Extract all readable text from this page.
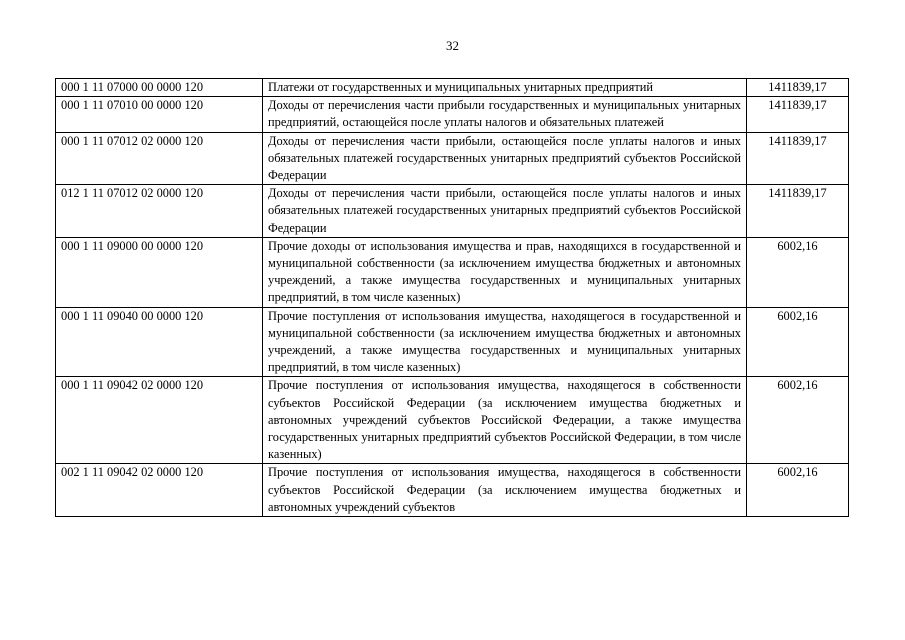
32
000 1 11 07000 00 0000 120	Платежи от государственных и муниципальных унитарных предприятий	1411839,17
000 1 11 07010 00 0000 120	Доходы от перечисления части прибыли государственных и муниципальных унитарных предприятий, остающейся после уплаты налогов и обязательных платежей	1411839,17
000 1 11 07012 02 0000 120	Доходы от перечисления части прибыли, остающейся после уплаты налогов и иных обязательных платежей государственных унитарных предприятий субъектов Российской Федерации	1411839,17
012 1 11 07012 02 0000 120	Доходы от перечисления части прибыли, остающейся после уплаты налогов и иных обязательных платежей государственных унитарных предприятий субъектов Российской Федерации	1411839,17
000 1 11 09000 00 0000 120	Прочие доходы от использования имущества и прав, находящихся в государственной и муниципальной собственности (за исключением имущества бюджетных и автономных учреждений, а также имущества государственных и муниципальных унитарных предприятий, в том числе казенных)	6002,16
000 1 11 09040 00 0000 120	Прочие поступления от использования имущества, находящегося в государственной и муниципальной собственности (за исключением имущества бюджетных и автономных учреждений, а также имущества государственных и муниципальных унитарных предприятий, в том числе казенных)	6002,16
000 1 11 09042 02 0000 120	Прочие поступления от использования имущества, находящегося в собственности субъектов Российской Федерации (за исключением имущества бюджетных и автономных учреждений субъектов Российской Федерации, а также имущества государственных унитарных предприятий субъектов Российской Федерации, в том числе казенных)	6002,16
002 1 11 09042 02 0000 120	Прочие поступления от использования имущества, находящегося в собственности субъектов Российской Федерации (за исключением имущества бюджетных и автономных учреждений субъектов	6002,16
